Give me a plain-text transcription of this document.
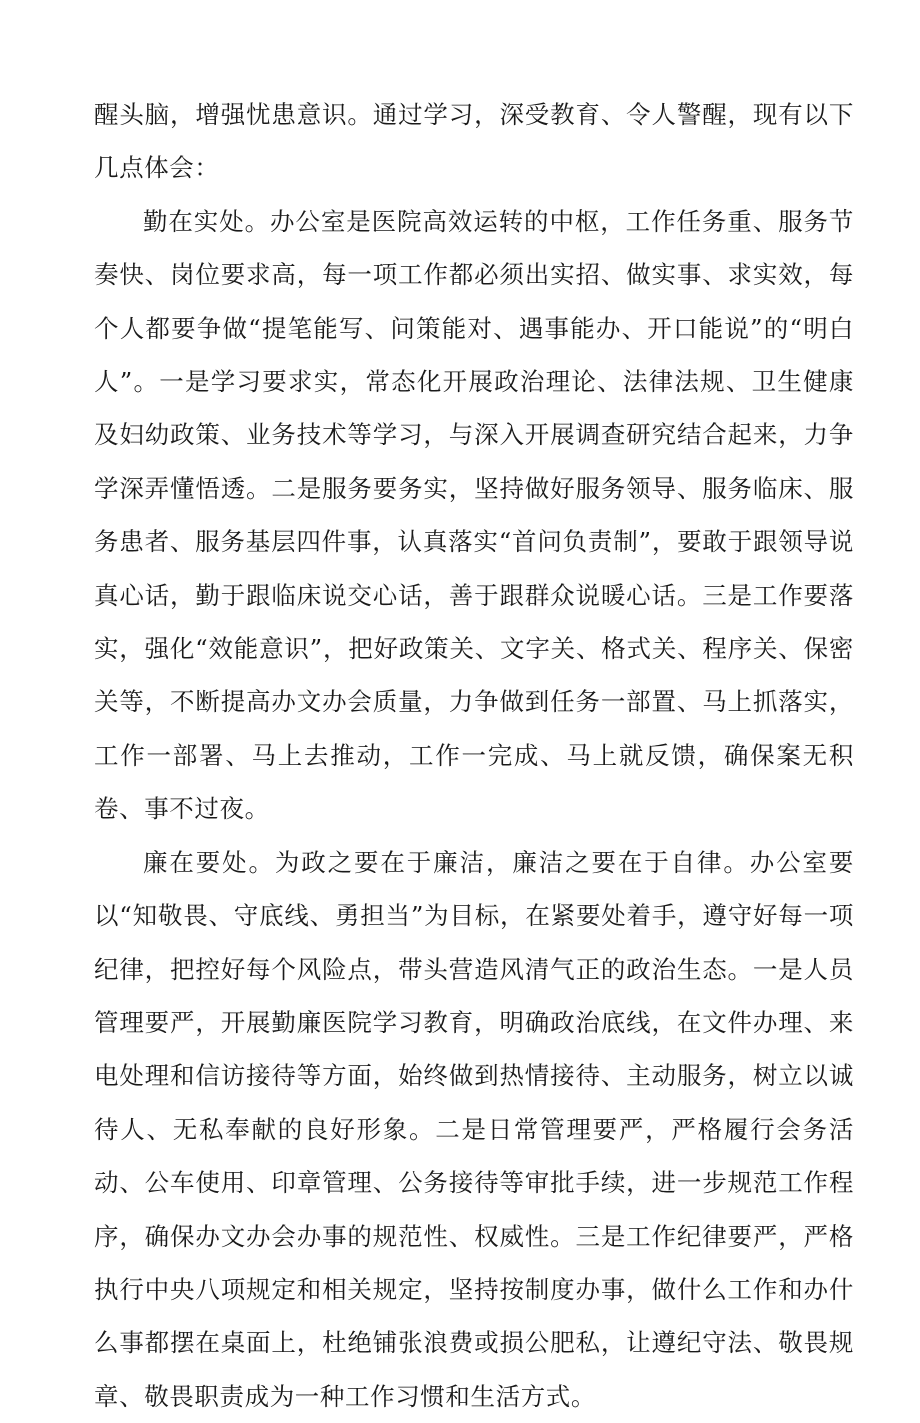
醒头脑，增强忧患意识。通过学习，深受教育、令人警醒，现有以下几点体会：

勤在实处。办公室是医院高效运转的中枢，工作任务重、服务节奏快、岗位要求高，每一项工作都必须出实招、做实事、求实效，每个人都要争做“提笔能写、问策能对、遇事能办、开口能说”的“明白人”。一是学习要求实，常态化开展政治理论、法律法规、卫生健康及妇幼政策、业务技术等学习，与深入开展调查研究结合起来，力争学深弄懂悟透。二是服务要务实，坚持做好服务领导、服务临床、服务患者、服务基层四件事，认真落实“首问负责制”，要敢于跟领导说真心话，勤于跟临床说交心话，善于跟群众说暖心话。三是工作要落实，强化“效能意识”，把好政策关、文字关、格式关、程序关、保密关等，不断提高办文办会质量，力争做到任务一部置、马上抓落实，工作一部署、马上去推动，工作一完成、马上就反馈，确保案无积卷、事不过夜。

廉在要处。为政之要在于廉洁，廉洁之要在于自律。办公室要以“知敬畏、守底线、勇担当”为目标，在紧要处着手，遵守好每一项纪律，把控好每个风险点，带头营造风清气正的政治生态。一是人员管理要严，开展勤廉医院学习教育，明确政治底线，在文件办理、来电处理和信访接待等方面，始终做到热情接待、主动服务，树立以诚待人、无私奉献的良好形象。二是日常管理要严，严格履行会务活动、公车使用、印章管理、公务接待等审批手续，进一步规范工作程序，确保办文办会办事的规范性、权威性。三是工作纪律要严，严格执行中央八项规定和相关规定，坚持按制度办事，做什么工作和办什么事都摆在桌面上，杜绝铺张浪费或损公肥私，让遵纪守法、敬畏规章、敬畏职责成为一种工作习惯和生活方式。
